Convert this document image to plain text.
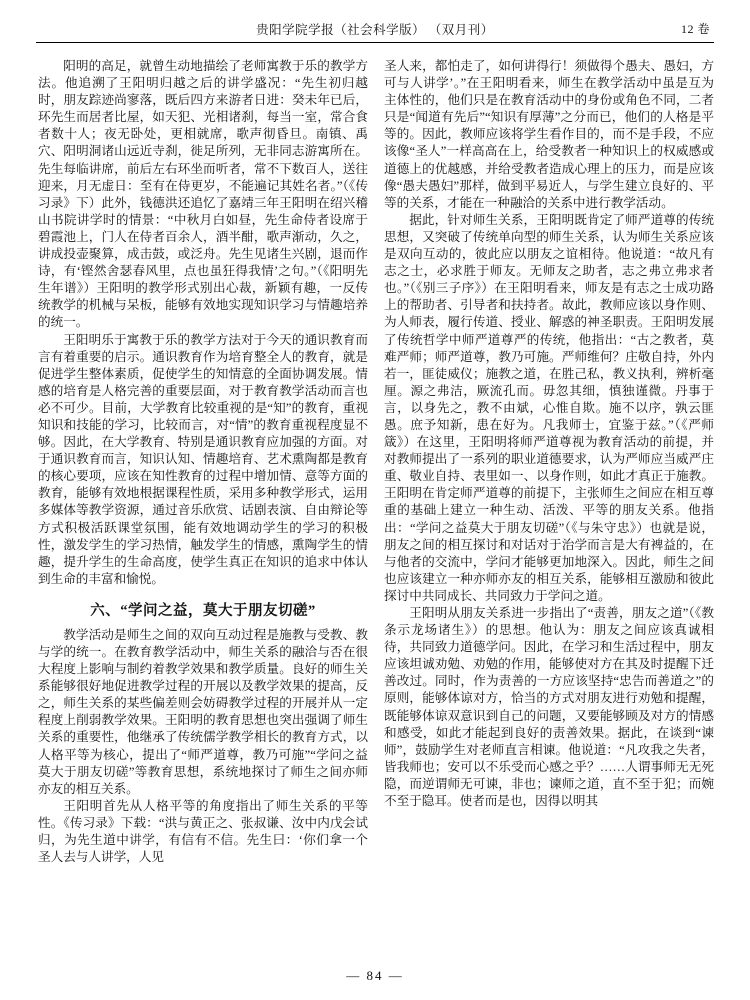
贵阳学院学报（社会科学版） （双月刊）	12 卷

阳明的高足，就曾生动地描绘了老师寓教于乐的教学方法。他追溯了王阳明归越之后的讲学盛况：“先生初归越时，朋友踪迹尚寥落，既后四方来游者日进：癸未年已后，环先生而居者比屋，如天犯、光相诸刹，每当一室，常合食者数十人；夜无卧处，更相就席，歌声彻昏旦。南镇、禹穴、阳明洞诸山远近寺刹，徙足所列，无非同志游寓所在。先生每临讲席，前后左右环坐而听者，常不下数百人，送往迎来，月无虚日：至有在侍更岁，不能遍记其姓名者。”（《传习录》下）此外，钱德洪还追忆了嘉靖三年王阳明在绍兴稽山书院讲学时的情景：“中秋月白如昼，先生命侍者设席于碧霞池上，门人在侍者百余人，酒半酣，歌声渐动，久之，讲成投壶聚算，成击鼓，或泛舟。先生见诸生兴剧，退而作诗，有‘铿然舍瑟春风里，点也虽狂得我情’之句。”（《阳明先生年谱》）王阳明的教学形式别出心裁，新颖有趣，一反传统教学的机械与呆板，能够有效地实现知识学习与情趣培养的统一。

王阳明乐于寓教于乐的教学方法对于今天的通识教育而言有着重要的启示。通识教育作为培育整全人的教育，就是促进学生整体素质，促使学生的知情意的全面协调发展。情感的培育是人格完善的重要层面，对于教育教学活动而言也必不可少。目前，大学教育比较重视的是“知”的教育，重视知识和技能的学习，比较而言，对“情”的教育重视程度显不够。因此，在大学教育、特别是通识教育应加强的方面。对于通识教育而言，知识认知、情趣培育、艺术熏陶都是教育的核心要项，应该在知性教育的过程中增加情、意等方面的教育，能够有效地根据课程性质，采用多种教学形式，运用多媒体等教学资源，通过音乐欣赏、话剧表演、自由辩论等方式积极活跃课堂氛围，能有效地调动学生的学习的积极性，激发学生的学习热情，触发学生的情感，熏陶学生的情趣，提升学生的生命高度，使学生真正在知识的追求中体认到生命的丰富和愉悦。

六、“学问之益，莫大于朋友切磋”

教学活动是师生之间的双向互动过程是施教与受教、教与学的统一。在教育教学活动中，师生关系的融洽与否在很大程度上影响与制约着教学效果和教学质量。良好的师生关系能够很好地促进教学过程的开展以及教学效果的提高，反之，师生关系的某些偏差则会妨碍教学过程的开展并从一定程度上削弱教学效果。王阳明的教育思想也突出强调了师生关系的重要性，他继承了传统儒学教学相长的教育方式，以人格平等为核心，提出了“师严道尊，教乃可施”“学问之益莫大于朋友切磋”等教育思想，系统地探讨了师生之间亦师亦友的相互关系。

王阳明首先从人格平等的角度指出了师生关系的平等性。《传习录》下载：“洪与黄正之、张叔谦、汝中内戊会试归，为先生道中讲学，有信有不信。先生曰：‘你们拿一个圣人去与人讲学，人见

圣人来，都怕走了，如何讲得行！须做得个愚夫、愚妇，方可与人讲学’。”在王阳明看来，师生在教学活动中虽是互为主体性的，他们只是在教育活动中的身份或角色不同，二者只是“闻道有先后”“知识有厚薄”之分而已，他们的人格是平等的。因此，教师应该将学生看作目的，而不是手段，不应该像“圣人”一样高高在上，给受教者一种知识上的权威感或道德上的优越感，并给受教者造成心理上的压力，而是应该像“愚夫愚妇”那样，做到平易近人，与学生建立良好的、平等的关系，才能在一种融洽的关系中进行教学活动。

据此，针对师生关系，王阳明既肯定了师严道尊的传统思想，又突破了传统单向型的师生关系，认为师生关系应该是双向互动的，彼此应以朋友之谊相待。他说道：“故凡有志之士，必求胜于师友。无师友之助者，志之弗立弗求者也。”（《别三子序》）在王阳明看来，师友是有志之士成功路上的帮助者、引导者和扶持者。故此，教师应该以身作则、为人师表，履行传道、授业、解惑的神圣职责。王阳明发展了传统哲学中师严道尊严的传统，他指出：“古之教者，莫难严师；师严道尊，教乃可施。严师维何？庄敬自持，外内若一，匪徒威仪；施教之道，在胜己私，教义执利，辨析毫厘。源之弗洁，厥流孔而。毋忽其细，慎独谨微。丹事于言，以身先之，教不由斌，心惟自欺。施不以序，孰云匪愚。庶予知新，患在好为。凡我师士，宜鉴于兹。”（《严师箴》）在这里，王阳明将师严道尊视为教育活动的前提，并对教师提出了一系列的职业道德要求，认为严师应当威严庄重、敬业自持、表里如一、以身作则，如此才真正于施教。王阳明在肯定师严道尊的前提下，主张师生之间应在相互尊重的基础上建立一种生动、活泼、平等的朋友关系。他指出：“学问之益莫大于朋友切磋”（《与朱守忠》）也就是说，朋友之间的相互探讨和对话对于治学而言是大有裨益的，在与他者的交流中，学问才能够更加地深入。因此，师生之间也应该建立一种亦师亦友的相互关系，能够相互激励和彼此探讨中共同成长、共同致力于学问之道。

王阳明从朋友关系进一步指出了“责善，朋友之道”（《教条示龙场诸生》）的思想。他认为：朋友之间应该真诚相待，共同致力道德学问。因此，在学习和生活过程中，朋友应该坦诚劝勉、劝勉的作用，能够使对方在其及时提醒下迁善改过。同时，作为责善的一方应该坚持“忠告而善道之”的原则，能够体谅对方，恰当的方式对朋友进行劝勉和提醒，既能够体谅双意识到自己的问题，又要能够顾及对方的情感和感受，如此才能起到良好的责善效果。据此，在谈到“谏师”，鼓励学生对老师直言相谏。他说道：“凡攻我之失者，皆我师也；安可以不乐受而心感之乎？……人谓事师无无死隐，而逆谓师无可谏，非也；谏师之道，直不至于犯；而婉不至于隐耳。使者而是也，因得以明其

— 84 —
